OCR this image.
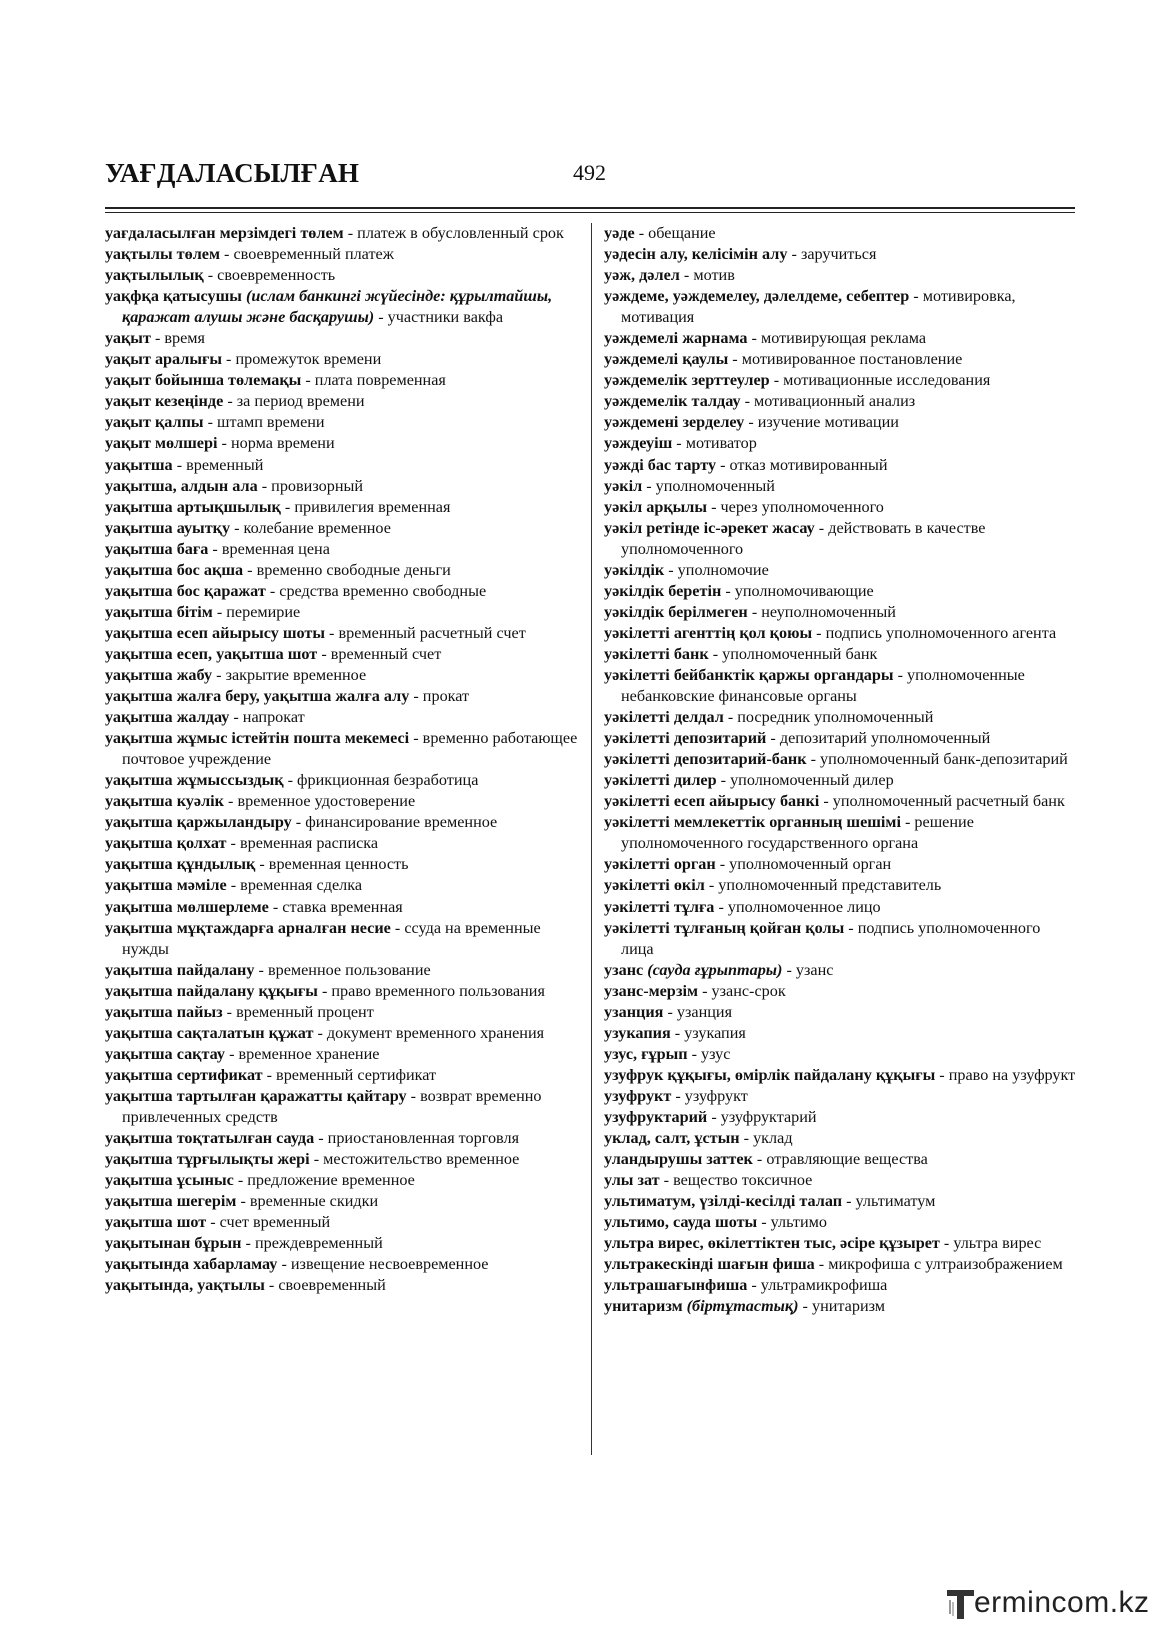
УАҒДАЛАСЫЛҒАН	492
уағдаласылған мерзімдегі төлем - платеж в обусловленный срок
уақтылы төлем - своевременный платеж
уақтылылық - своевременность
уақфқа қатысушы (ислам банкингі жүйесінде: құрылтайшы, қаражат алушы және басқарушы) - участники вакфа
уақыт - время
уақыт аралығы - промежуток времени
уақыт бойынша төлемақы - плата повременная
уақыт кезеңінде - за период времени
уақыт қалпы - штамп времени
уақыт мөлшері - норма времени
уақытша - временный
уақытша, алдын ала - провизорный
уақытша артықшылық - привилегия временная
уақытша ауытқу - колебание временное
уақытша баға - временная цена
уақытша бос ақша - временно свободные деньги
уақытша бос қаражат - средства временно свободные
уақытша бітім - перемирие
уақытша есеп айырысу шоты - временный расчетный счет
уақытша есеп, уақытша шот - временный счет
уақытша жабу - закрытие временное
уақытша жалға беру, уақытша жалға алу - прокат
уақытша жалдау - напрокат
уақытша жұмыс істейтін пошта мекемесі - временно работающее почтовое учреждение
уақытша жұмыссыздық - фрикционная безработица
уақытша куәлік - временное удостоверение
уақытша қаржыландыру - финансирование временное
уақытша қолхат - временная расписка
уақытша құндылық - временная ценность
уақытша мәміле - временная сделка
уақытша мөлшерлеме - ставка временная
уақытша мұқтаждарға арналған несие - ссуда на временные нужды
уақытша пайдалану - временное пользование
уақытша пайдалану құқығы - право временного пользования
уақытша пайыз - временный процент
уақытша сақталатын құжат - документ временного хранения
уақытша сақтау - временное хранение
уақытша сертификат - временный сертификат
уақытша тартылған қаражатты қайтару - возврат временно привлеченных средств
уақытша тоқтатылған сауда - приостановленная торговля
уақытша тұрғылықты жері - местожительство временное
уақытша ұсыныс - предложение временное
уақытша шегерім - временные скидки
уақытша шот - счет временный
уақытынан бұрын - преждевременный
уақытында хабарламау - извещение несвоевременное
уақытында, уақтылы - своевременный
уәде - обещание
уәдесін алу, келісімін алу - заручиться
уәж, дәлел - мотив
уәждеме, уәждемелеу, дәлелдеме, себептер - мотивировка, мотивация
уәждемелі жарнама - мотивирующая реклама
уәждемелі қаулы - мотивированное постановление
уәждемелік зерттеулер - мотивационные исследования
уәждемелік талдау - мотивационный анализ
уәждемені зерделеу - изучение мотивации
уәждеуіш - мотиватор
уәжді бас тарту - отказ мотивированный
уәкіл - уполномоченный
уәкіл арқылы - через уполномоченного
уәкіл ретінде іс-әрекет жасау - действовать в качестве уполномоченного
уәкілдік - уполномочие
уәкілдік беретін - уполномочивающие
уәкілдік берілмеген - неуполномоченный
уәкілетті агенттің қол қоюы - подпись уполномоченного агента
уәкілетті банк - уполномоченный банк
уәкілетті бейбанктік қаржы органдары - уполномоченные небанковские финансовые органы
уәкілетті делдал - посредник уполномоченный
уәкілетті депозитарий - депозитарий уполномоченный
уәкілетті депозитарий-банк - уполномоченный банк-депозитарий
уәкілетті дилер - уполномоченный дилер
уәкілетті есеп айырысу банкі - уполномоченный расчетный банк
уәкілетті мемлекеттік органның шешімі - решение уполномоченного государственного органа
уәкілетті орган - уполномоченный орган
уәкілетті өкіл - уполномоченный представитель
уәкілетті тұлға - уполномоченное лицо
уәкілетті тұлғаның қойған қолы - подпись уполномоченного лица
узанс (сауда ғұрыптары) - узанс
узанс-мерзім - узанс-срок
узанция - узанция
узукапия - узукапия
узус, ғұрып - узус
узуфрук құқығы, өмірлік пайдалану құқығы - право на узуфрукт
узуфрукт - узуфрукт
узуфруктарий - узуфруктарий
уклад, салт, ұстын - уклад
уландырушы заттек - отравляющие вещества
улы зат - вещество токсичное
ультиматум, үзілді-кесілді талап - ультиматум
ультимо, сауда шоты - ультимо
ультра вирес, өкілеттіктен тыс, әсіре құзырет - ультра вирес
ультракескінді шағын фиша - микрофиша с ултраизображением
ультрашағынфиша - ультрамикрофиша
унитаризм (біртұтастық) - унитаризм
ermincom.kz
